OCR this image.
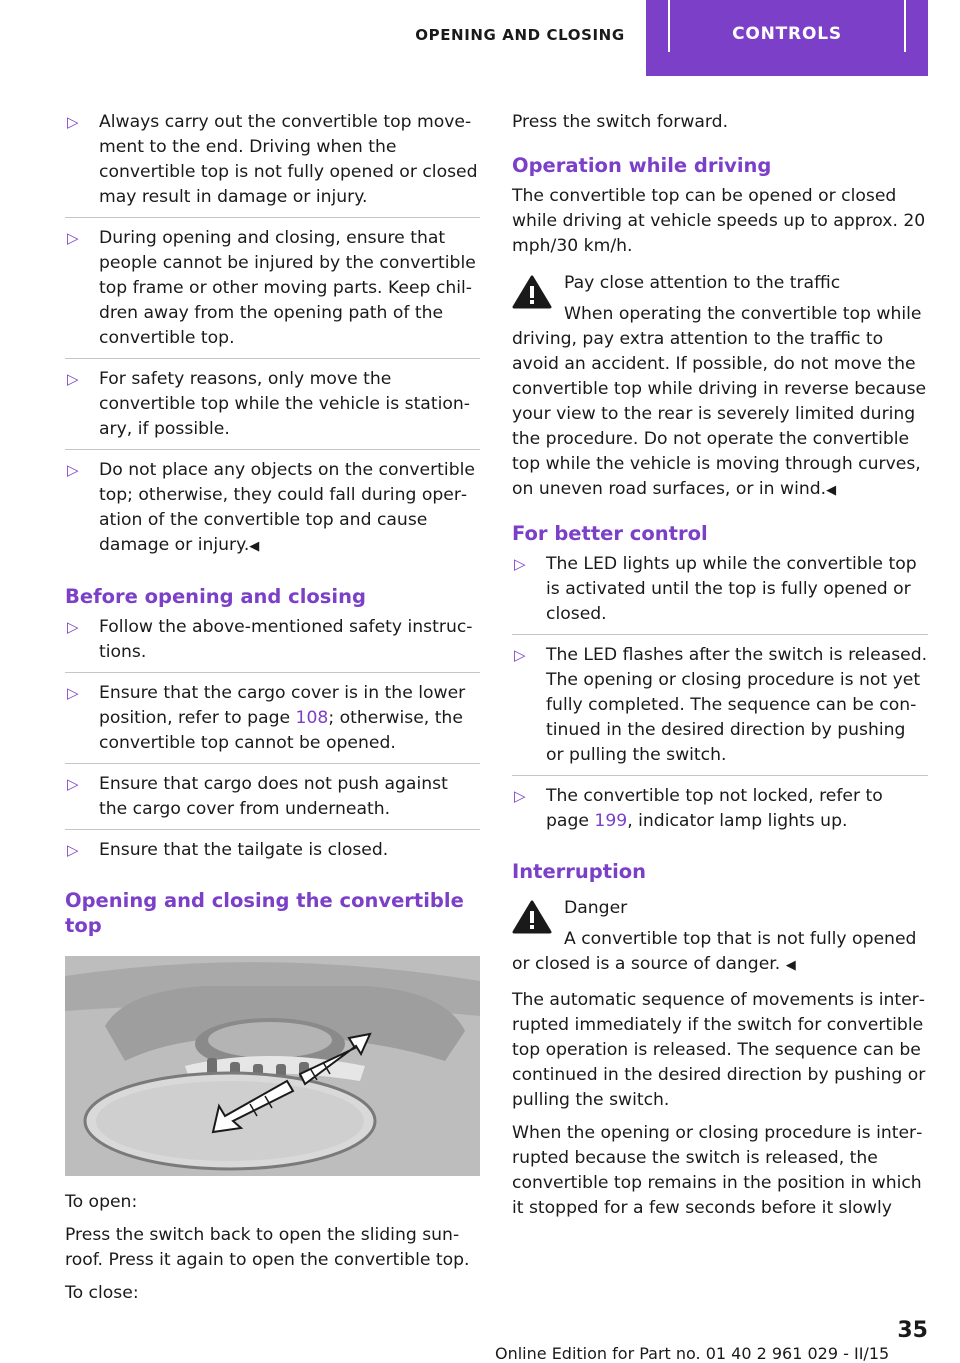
OPENING AND CLOSING	CONTROLS
▷ Always carry out the convertible top move‐ment to the end. Driving when the convertible top is not fully opened or closed may result in damage or injury.
▷ During opening and closing, ensure that people cannot be injured by the convertible top frame or other moving parts. Keep chil‐dren away from the opening path of the convertible top.
▷ For safety reasons, only move the convertible top while the vehicle is station‐ary, if possible.
▷ Do not place any objects on the convertible top; otherwise, they could fall during oper‐ation of the convertible top and cause damage or injury.◀
Before opening and closing
▷ Follow the above-mentioned safety instruc‐tions.
▷ Ensure that the cargo cover is in the lower position, refer to page 108; otherwise, the convertible top cannot be opened.
▷ Ensure that cargo does not push against the cargo cover from underneath.
▷ Ensure that the tailgate is closed.
Opening and closing the convertible top

To open:

Press the switch back to open the sliding sun‐roof. Press it again to open the convertible top.

To close:

Press the switch forward.

Operation while driving

The convertible top can be opened or closed while driving at vehicle speeds up to approx. 20 mph/30 km/h.

Pay close attention to the traffic

When operating the convertible top while

driving, pay extra attention to the traffic to avoid an accident. If possible, do not move the convertible top while driving in reverse because your view to the rear is severely limited during the procedure. Do not operate the convertible top while the vehicle is moving through curves, on uneven road surfaces, or in wind.◀

For better control
▷ The LED lights up while the convertible top is activated until the top is fully opened or closed.
▷ The LED flashes after the switch is released. The opening or closing procedure is not yet fully completed. The sequence can be con‐tinued in the desired direction by pushing or pulling the switch.
▷ The convertible top not locked, refer to page 199, indicator lamp lights up.
Interruption

Danger

A convertible top that is not fully opened

or closed is a source of danger. ◀

The automatic sequence of movements is inter‐rupted immediately if the switch for convertible top operation is released. The sequence can be continued in the desired direction by pushing or pulling the switch.

When the opening or closing procedure is inter‐rupted because the switch is released, the convertible top remains in the position in which it stopped for a few seconds before it slowly

35
Online Edition for Part no. 01 40 2 961 029 - II/15
